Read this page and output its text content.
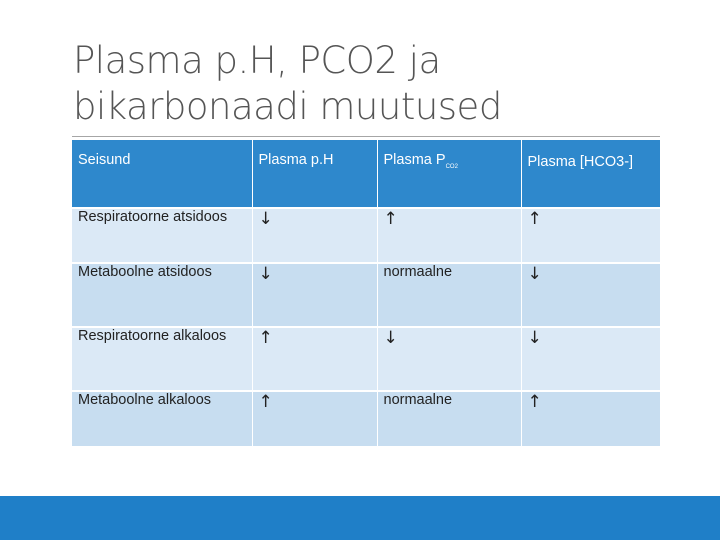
Plasma p.H, PCO2 ja bikarbonaadi muutused
Seisund	Plasma p.H	Plasma $P_{CO2}$	Plasma [HCO3-]
Respiratoorne atsidoos	↓	↑	↑
Metaboolne atsidoos	↓	normaalne	↓
Respiratoorne alkaloos	↑	↓	↓
Metaboolne alkaloos	↑	normaalne	↑
